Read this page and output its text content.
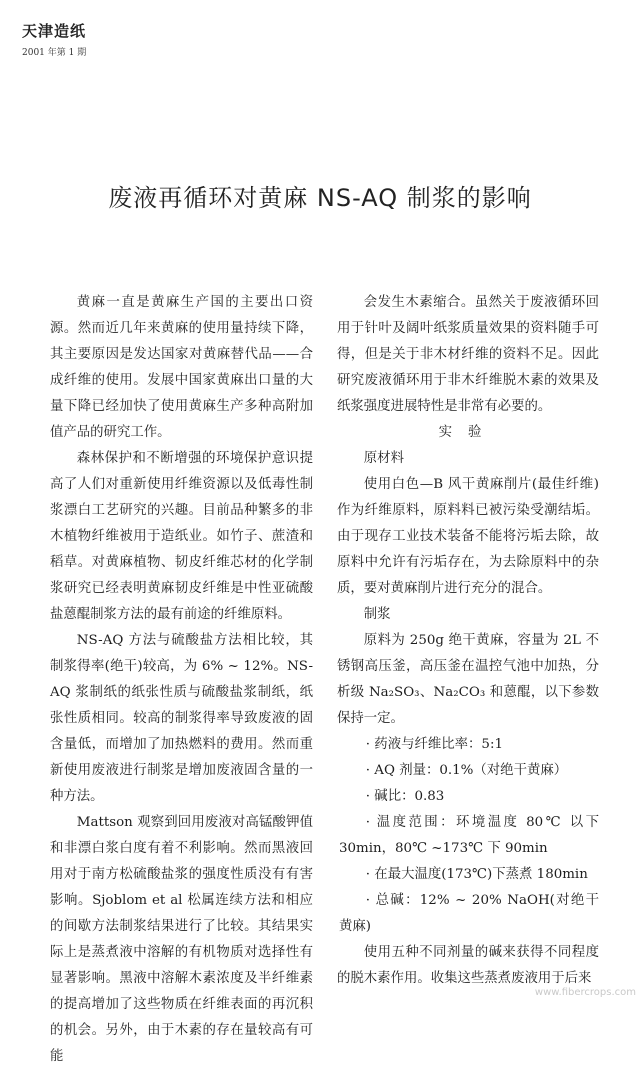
天津造纸
2001 年第 1 期
废液再循环对黄麻 NS-AQ 制浆的影响

黄麻一直是黄麻生产国的主要出口资源。然而近几年来黄麻的使用量持续下降，其主要原因是发达国家对黄麻替代品——合成纤维的使用。发展中国家黄麻出口量的大量下降已经加快了使用黄麻生产多种高附加值产品的研究工作。

森林保护和不断增强的环境保护意识提高了人们对重新使用纤维资源以及低毒性制浆漂白工艺研究的兴趣。目前品种繁多的非木植物纤维被用于造纸业。如竹子、蔗渣和稻草。对黄麻植物、韧皮纤维芯材的化学制浆研究已经表明黄麻韧皮纤维是中性亚硫酸盐蒽醌制浆方法的最有前途的纤维原料。

NS-AQ 方法与硫酸盐方法相比较，其制浆得率(绝干)较高，为 6% ~ 12%。NS-AQ 浆制纸的纸张性质与硫酸盐浆制纸，纸张性质相同。较高的制浆得率导致废液的固含量低，而增加了加热燃料的费用。然而重新使用废液进行制浆是增加废液固含量的一种方法。

Mattson 观察到回用废液对高锰酸钾值和非漂白浆白度有着不利影响。然而黑液回用对于南方松硫酸盐浆的强度性质没有有害影响。Sjoblom et al 松属连续方法和相应的间歇方法制浆结果进行了比较。其结果实际上是蒸煮液中溶解的有机物质对选择性有显著影响。黑液中溶解木素浓度及半纤维素的提高增加了这些物质在纤维表面的再沉积的机会。另外，由于木素的存在量较高有可能

会发生木素缩合。虽然关于废液循环回用于针叶及阔叶纸浆质量效果的资料随手可得，但是关于非木材纤维的资料不足。因此研究废液循环用于非木纤维脱木素的效果及纸浆强度进展特性是非常有必要的。

实验

原材料

使用白色—B 风干黄麻削片(最佳纤维)作为纤维原料，原料料已被污染受潮结垢。由于现存工业技术装备不能将污垢去除，故原料中允许有污垢存在，为去除原料中的杂质，要对黄麻削片进行充分的混合。

制浆

原料为 250g 绝干黄麻，容量为 2L 不锈钢高压釜，高压釜在温控气池中加热，分析级 Na₂SO₃、Na₂CO₃ 和蒽醌，以下参数保持一定。

· 药液与纤维比率：5:1

· AQ 剂量：0.1%（对绝干黄麻）

· 碱比：0.83

· 温度范围：环境温度 80℃ 以下 30min，80℃ ~173℃ 下 90min

· 在最大温度(173℃)下蒸煮 180min

· 总碱：12% ~ 20% NaOH(对绝干黄麻)

使用五种不同剂量的碱来获得不同程度的脱木素作用。收集这些蒸煮废液用于后来

www.fibercrops.com
